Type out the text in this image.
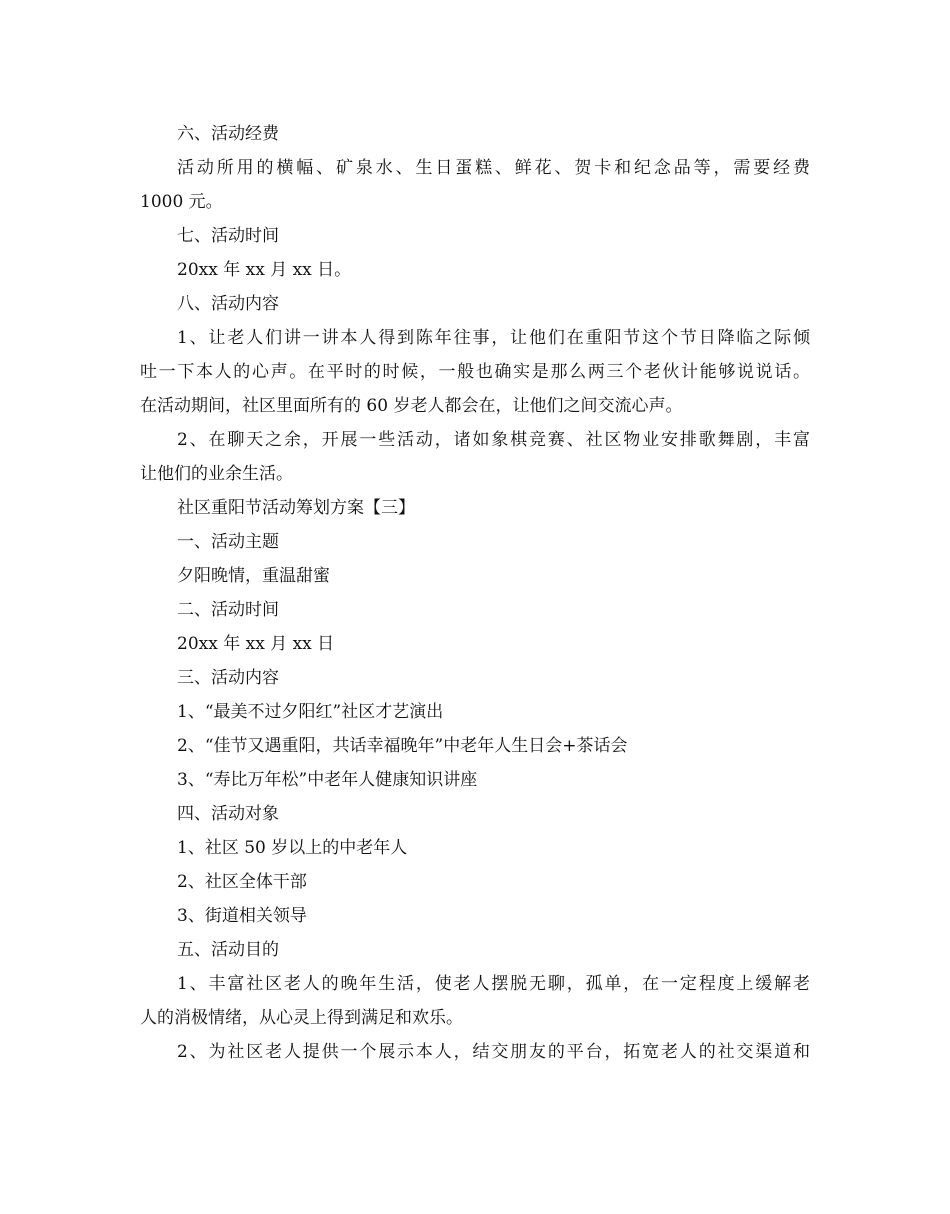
六、活动经费

活动所用的横幅、矿泉水、生日蛋糕、鲜花、贺卡和纪念品等，需要经费

1000 元。

七、活动时间

20xx 年 xx 月 xx 日。

八、活动内容

1、让老人们讲一讲本人得到陈年往事，让他们在重阳节这个节日降临之际倾

吐一下本人的心声。在平时的时候，一般也确实是那么两三个老伙计能够说说话。

在活动期间，社区里面所有的 60 岁老人都会在，让他们之间交流心声。

2、在聊天之余，开展一些活动，诸如象棋竞赛、社区物业安排歌舞剧，丰富

让他们的业余生活。

社区重阳节活动筹划方案【三】

一、活动主题

夕阳晚情，重温甜蜜

二、活动时间

20xx 年 xx 月 xx 日

三、活动内容

1、“最美不过夕阳红”社区才艺演出

2、“佳节又遇重阳，共话幸福晚年”中老年人生日会+茶话会

3、“寿比万年松”中老年人健康知识讲座

四、活动对象

1、社区 50 岁以上的中老年人

2、社区全体干部

3、街道相关领导

五、活动目的

1、丰富社区老人的晚年生活，使老人摆脱无聊，孤单，在一定程度上缓解老

人的消极情绪，从心灵上得到满足和欢乐。

2、为社区老人提供一个展示本人，结交朋友的平台，拓宽老人的社交渠道和
